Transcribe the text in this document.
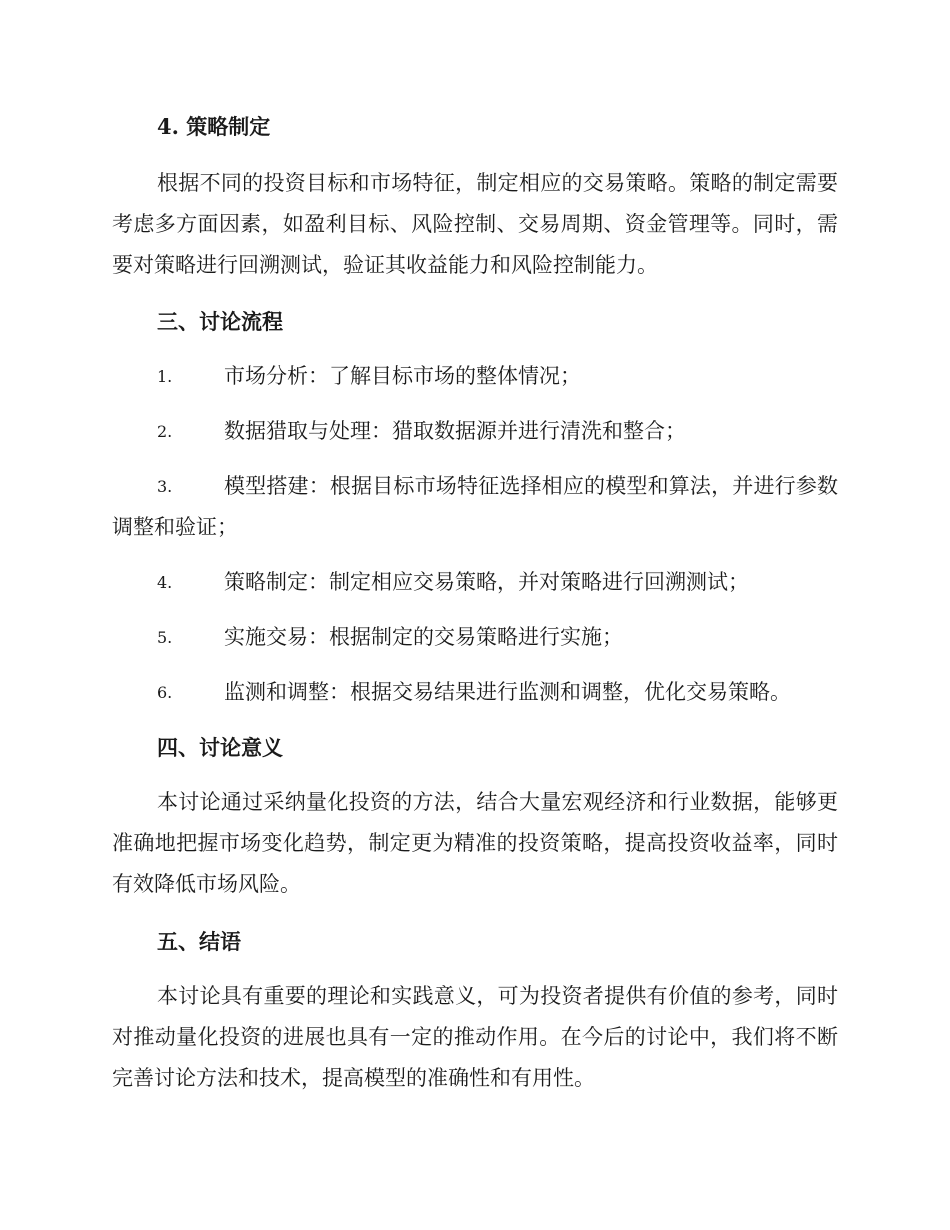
4. 策略制定

根据不同的投资目标和市场特征，制定相应的交易策略。策略的制定需要考虑多方面因素，如盈利目标、风险控制、交易周期、资金管理等。同时，需要对策略进行回溯测试，验证其收益能力和风险控制能力。

三、讨论流程
1.	市场分析：了解目标市场的整体情况；
2.	数据猎取与处理：猎取数据源并进行清洗和整合；
3.	模型搭建：根据目标市场特征选择相应的模型和算法，并进行参数调整和验证；
4.	策略制定：制定相应交易策略，并对策略进行回溯测试；
5.	实施交易：根据制定的交易策略进行实施；
6.	监测和调整：根据交易结果进行监测和调整，优化交易策略。
四、讨论意义

本讨论通过采纳量化投资的方法，结合大量宏观经济和行业数据，能够更准确地把握市场变化趋势，制定更为精准的投资策略，提高投资收益率，同时有效降低市场风险。

五、结语

本讨论具有重要的理论和实践意义，可为投资者提供有价值的参考，同时对推动量化投资的进展也具有一定的推动作用。在今后的讨论中，我们将不断完善讨论方法和技术，提高模型的准确性和有用性。
